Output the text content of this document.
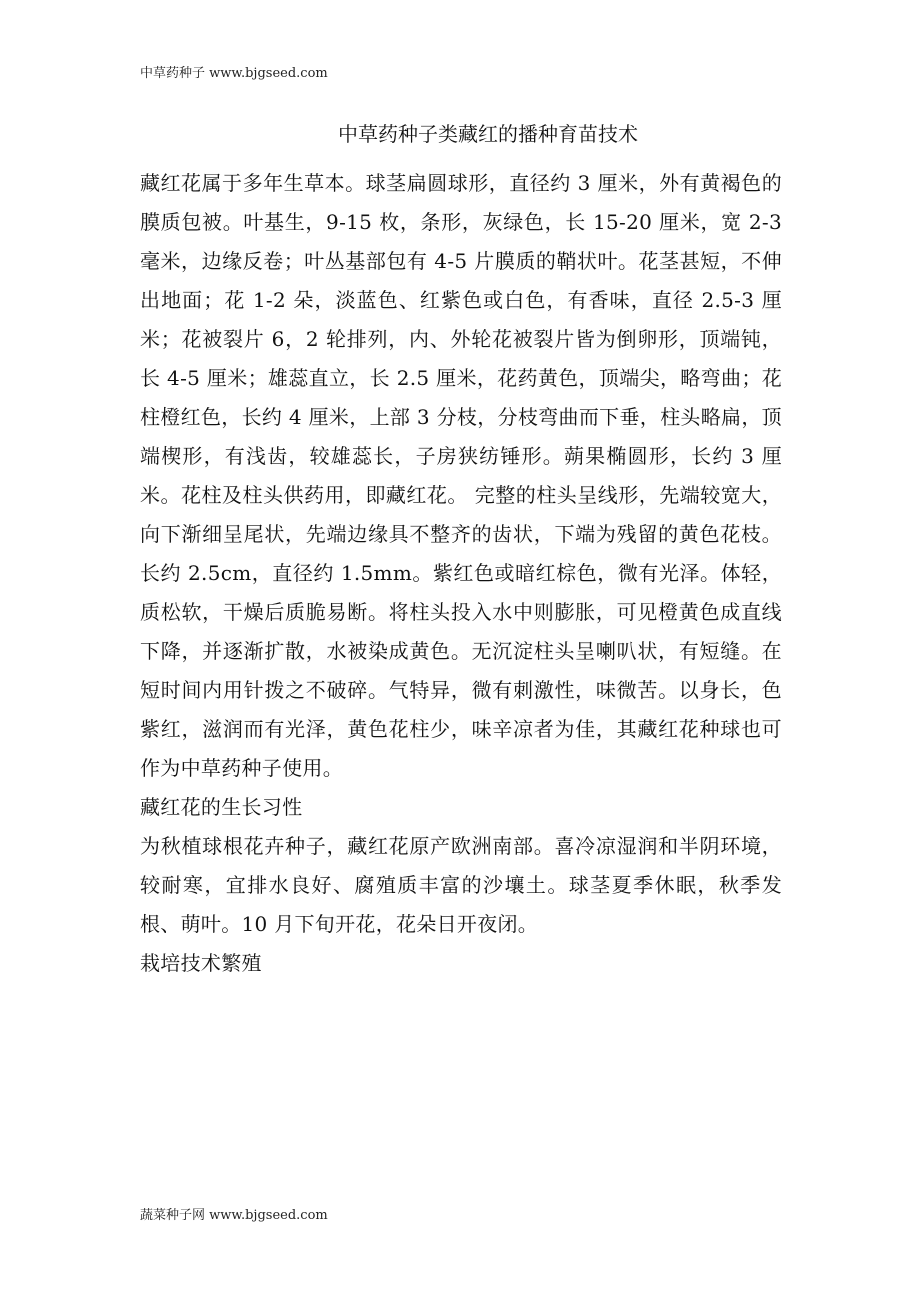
中草药种子 www.bjgseed.com
中草药种子类藏红的播种育苗技术

藏红花属于多年生草本。球茎扁圆球形，直径约 3 厘米，外有黄褐色的膜质包被。叶基生，9-15 枚，条形，灰绿色，长 15-20 厘米，宽 2-3 毫米，边缘反卷；叶丛基部包有 4-5 片膜质的鞘状叶。花茎甚短，不伸出地面；花 1-2 朵，淡蓝色、红紫色或白色，有香味，直径 2.5-3 厘米；花被裂片 6，2 轮排列，内、外轮花被裂片皆为倒卵形，顶端钝，长 4-5 厘米；雄蕊直立，长 2.5 厘米，花药黄色，顶端尖，略弯曲；花柱橙红色，长约 4 厘米，上部 3 分枝，分枝弯曲而下垂，柱头略扁，顶端楔形，有浅齿，较雄蕊长，子房狭纺锤形。蒴果椭圆形，长约 3 厘米。花柱及柱头供药用，即藏红花。 完整的柱头呈线形，先端较宽大，向下渐细呈尾状，先端边缘具不整齐的齿状，下端为残留的黄色花枝。长约 2.5cm，直径约 1.5mm。紫红色或暗红棕色，微有光泽。体轻，质松软，干燥后质脆易断。将柱头投入水中则膨胀，可见橙黄色成直线下降，并逐渐扩散，水被染成黄色。无沉淀柱头呈喇叭状，有短缝。在短时间内用针拨之不破碎。气特异，微有刺激性，味微苦。以身长，色紫红，滋润而有光泽，黄色花柱少，味辛凉者为佳，其藏红花种球也可作为中草药种子使用。

藏红花的生长习性

为秋植球根花卉种子，藏红花原产欧洲南部。喜冷凉湿润和半阴环境，较耐寒，宜排水良好、腐殖质丰富的沙壤土。球茎夏季休眠，秋季发根、萌叶。10 月下旬开花，花朵日开夜闭。

栽培技术繁殖

蔬菜种子网 www.bjgseed.com
